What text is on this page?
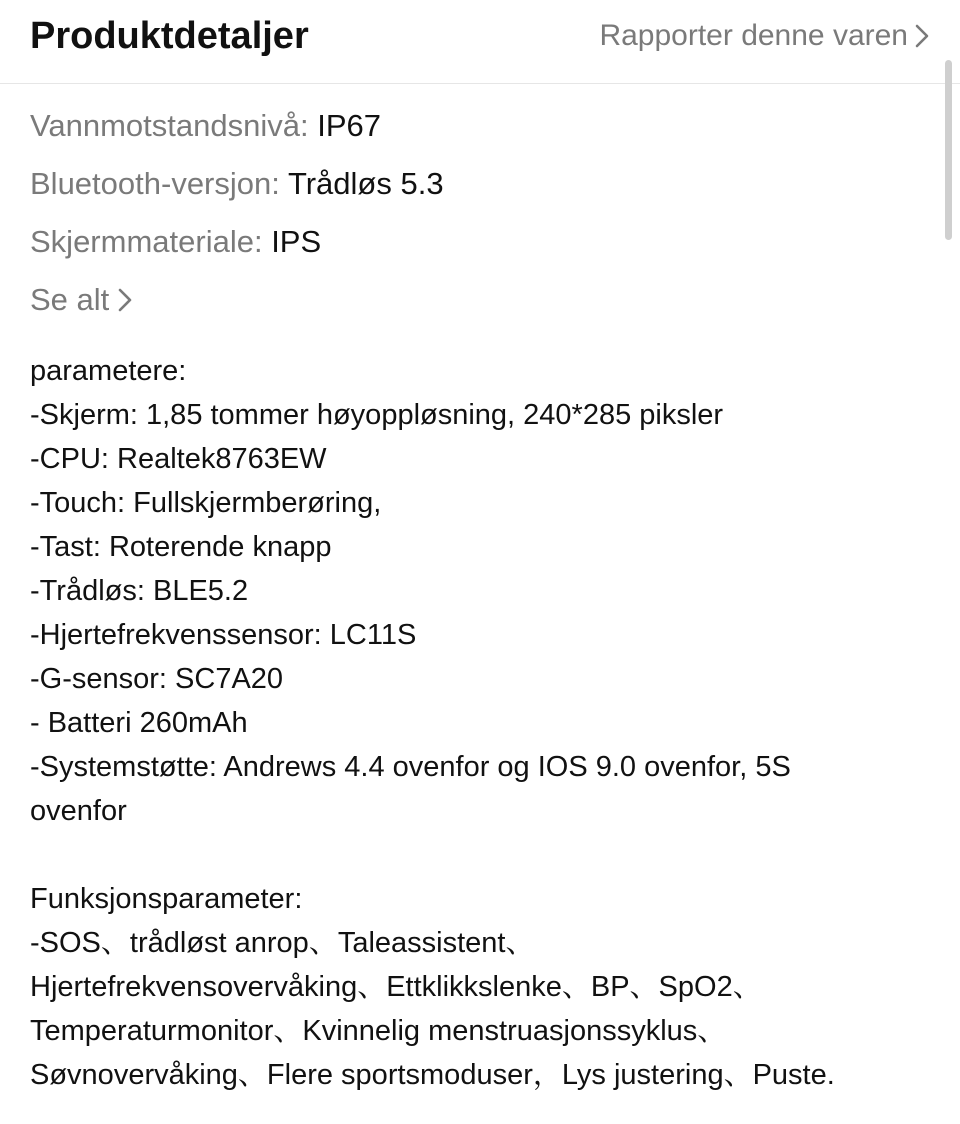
Produktdetaljer	Rapporter denne varen
Vannmotstandsnivå: IP67
Bluetooth-versjon: Trådløs 5.3
Skjermmateriale: IPS
Se alt
parametere:
-Skjerm: 1,85 tommer høyoppløsning, 240*285 piksler
-CPU: Realtek8763EW
-Touch: Fullskjermberøring,
-Tast: Roterende knapp
-Trådløs: BLE5.2
-Hjertefrekvenssensor: LC11S
-G-sensor: SC7A20
- Batteri 260mAh
-Systemstøtte: Andrews 4.4 ovenfor og IOS 9.0 ovenfor, 5S
ovenfor
Funksjonsparameter:
-SOS、trådløst anrop、Taleassistent、
Hjertefrekvensovervåking、Ettklikkslenke、BP、SpO2、
Temperaturmonitor、Kvinnelig menstruasjonssyklus、
Søvnovervåking、Flere sportsmoduser，Lys justering、Puste.
